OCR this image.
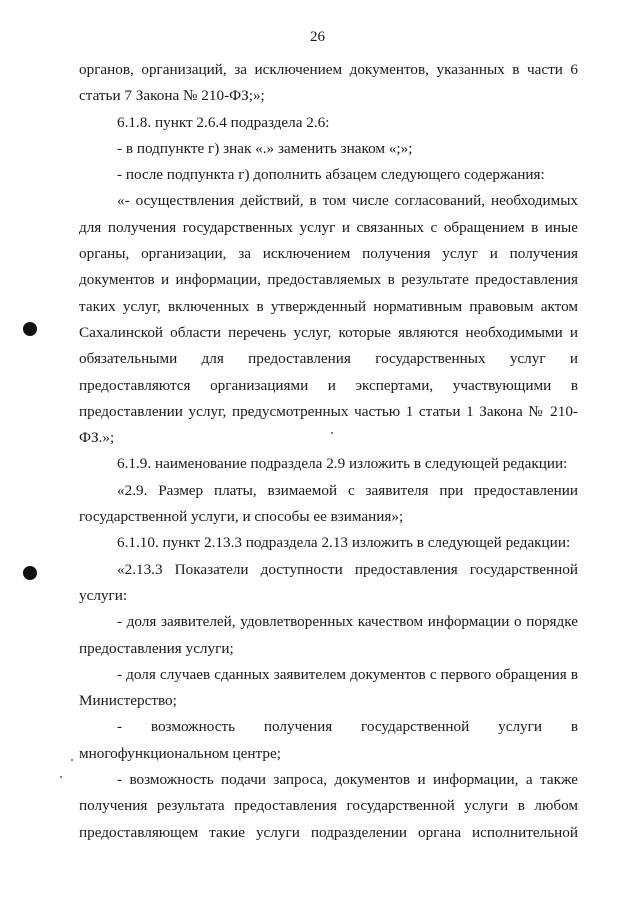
26

органов, организаций, за исключением документов, указанных в части 6 статьи 7 Закона № 210-ФЗ;»;

6.1.8. пункт 2.6.4 подраздела 2.6:

- в подпункте г) знак «.» заменить знаком «;»;

- после подпункта г) дополнить абзацем следующего содержания:

«- осуществления действий, в том числе согласований, необходимых для получения государственных услуг и связанных с обращением в иные органы, организации, за исключением получения услуг и получения документов и информации, предоставляемых в результате предоставления таких услуг, включенных в утвержденный нормативным правовым актом Сахалинской области перечень услуг, которые являются необходимыми и обязательными для предоставления государственных услуг и предоставляются организациями и экспертами, участвующими в предоставлении услуг, предусмотренных частью 1 статьи 1 Закона № 210-ФЗ.»;

6.1.9. наименование подраздела 2.9 изложить в следующей редакции:

«2.9. Размер платы, взимаемой с заявителя при предоставлении государственной услуги, и способы ее взимания»;

6.1.10. пункт 2.13.3 подраздела 2.13 изложить в следующей редакции:

«2.13.3 Показатели доступности предоставления государственной услуги:

- доля заявителей, удовлетворенных качеством информации о порядке предоставления услуги;

- доля случаев сданных заявителем документов с первого обращения в Министерство;

- возможность получения государственной услуги в многофункциональном центре;

- возможность подачи запроса, документов и информации, а также получения результата предоставления государственной услуги в любом предоставляющем такие услуги подразделении органа исполнительной
